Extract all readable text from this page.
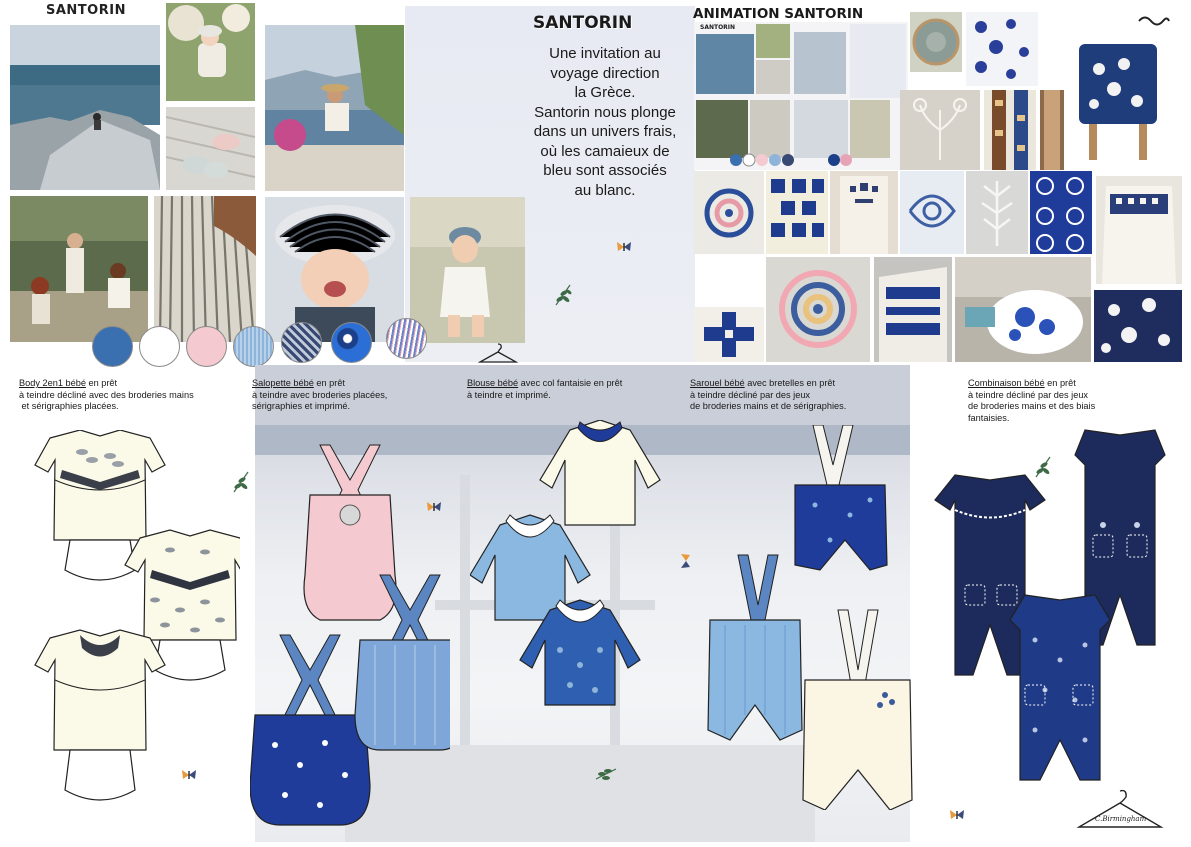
SANTORIN
SANTORIN
Une invitation au
voyage direction
la Grèce.
Santorin nous plonge
dans un univers frais,
où les camaieux de
bleu sont associés
au blanc.
ANIMATION SANTORIN
SANTORIN
Body 2en1 bébé en prêt
à teindre décliné avec des broderies mains
et sérigraphies placées.
Salopette bébé en prêt
à teindre avec broderies placées,
sérigraphies et imprimé.
Blouse bébé avec col fantaisie en prêt
à teindre et imprimé.
Sarouel bébé avec bretelles en prêt
à teindre décliné par des jeux
de broderies mains et de sérigraphies.
Combinaison bébé en prêt
à teindre décliné par des jeux
de broderies mains et des biais
fantaisies.
C.Birmingham
